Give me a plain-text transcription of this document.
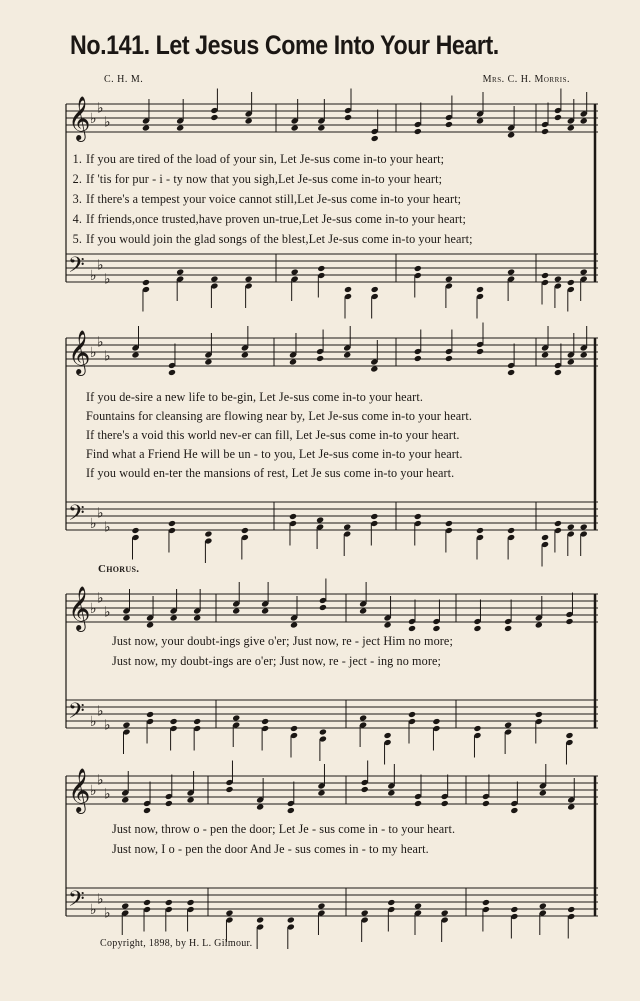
No.141. Let Jesus Come Into Your Heart.
C. H. M.	Mrs. C. H. Morris.
𝄞 ♭
♭
♭
𝄢 ♭
♭
♭
1. If you are tired of the load of your sin, Let Je-sus come in-to your heart;
2. If 'tis for pur - i - ty now that you sigh,Let Je-sus come in-to your heart;
3. If there's a tempest your voice cannot still,Let Je-sus come in-to your heart;
4. If friends,once trusted,have proven un-true,Let Je-sus come in-to your heart;
5. If you would join the glad songs of the blest,Let Je-sus come in-to your heart;
𝄞 ♭
♭
♭
𝄢 ♭
♭
♭
If you de-sire a new life to be-gin, Let Je-sus come in-to your heart.
Fountains for cleansing are flowing near by, Let Je-sus come in-to your heart.
If there's a void this world nev-er can fill, Let Je-sus come in-to your heart.
Find what a Friend He will be un - to you, Let Je-sus come in-to your heart.
If you would en-ter the mansions of rest, Let Je sus come in-to your heart.
Chorus.
𝄞 ♭
♭
♭
𝄢 ♭
♭
♭
Just now, your doubt-ings give o'er; Just now, re - ject Him no more;
Just now, my doubt-ings are o'er; Just now, re - ject - ing no more;
𝄞 ♭
♭
♭
𝄢 ♭
♭
♭
Just now, throw o - pen the door; Let Je - sus come in - to your heart.
Just now, I o - pen the door And Je - sus comes in - to my heart.
Copyright, 1898, by H. L. Gilmour.
